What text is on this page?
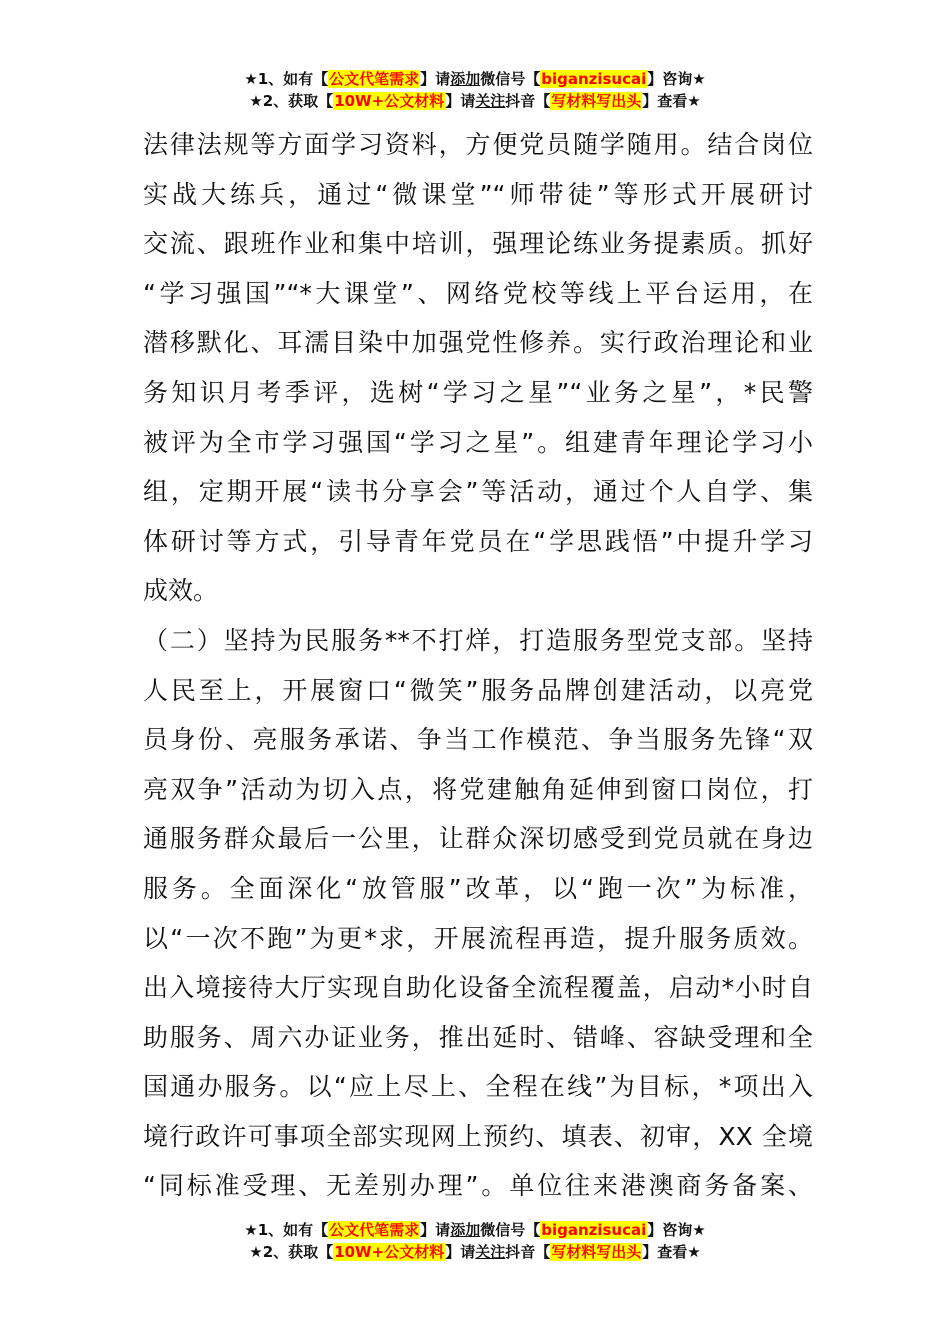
★1、如有【公文代笔需求】请添加微信号【biganzisucai】咨询★
★2、获取【10W+公文材料】请关注抖音【写材料写出头】查看★
法律法规等方面学习资料，方便党员随学随用。结合岗位
实战大练兵，通过“微课堂”“师带徒”等形式开展研讨
交流、跟班作业和集中培训，强理论练业务提素质。抓好
“学习强国”“*大课堂”、网络党校等线上平台运用，在
潜移默化、耳濡目染中加强党性修养。实行政治理论和业
务知识月考季评，选树“学习之星”“业务之星”，*民警
被评为全市学习强国“学习之星”。组建青年理论学习小
组，定期开展“读书分享会”等活动，通过个人自学、集
体研讨等方式，引导青年党员在“学思践悟”中提升学习
成效。
（二）坚持为民服务**不打烊，打造服务型党支部。坚持
人民至上，开展窗口“微笑”服务品牌创建活动，以亮党
员身份、亮服务承诺、争当工作模范、争当服务先锋“双
亮双争”活动为切入点，将党建触角延伸到窗口岗位，打
通服务群众最后一公里，让群众深切感受到党员就在身边
服务。全面深化“放管服”改革，以“跑一次”为标准，
以“一次不跑”为更*求，开展流程再造，提升服务质效。
出入境接待大厅实现自助化设备全流程覆盖，启动*小时自
助服务、周六办证业务，推出延时、错峰、容缺受理和全
国通办服务。以“应上尽上、全程在线”为目标，*项出入
境行政许可事项全部实现网上预约、填表、初审，XX 全境
“同标准受理、无差别办理”。单位往来港澳商务备案、
★1、如有【公文代笔需求】请添加微信号【biganzisucai】咨询★
★2、获取【10W+公文材料】请关注抖音【写材料写出头】查看★
